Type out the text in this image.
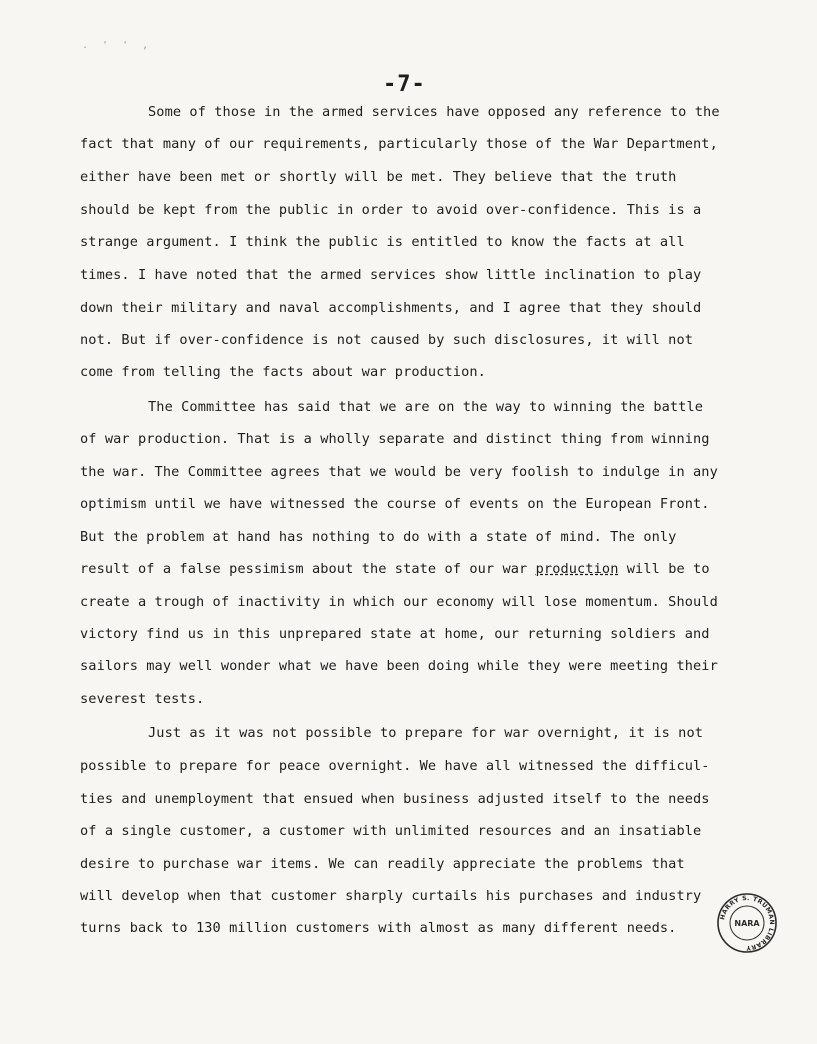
. ' ' ,
-7-
Some of those in the armed services have opposed any reference to the
fact that many of our requirements, particularly those of the War Department,
either have been met or shortly will be met. They believe that the truth
should be kept from the public in order to avoid over-confidence. This is a
strange argument. I think the public is entitled to know the facts at all
times. I have noted that the armed services show little inclination to play
down their military and naval accomplishments, and I agree that they should
not. But if over-confidence is not caused by such disclosures, it will not
come from telling the facts about war production.
The Committee has said that we are on the way to winning the battle
of war production. That is a wholly separate and distinct thing from winning
the war. The Committee agrees that we would be very foolish to indulge in any
optimism until we have witnessed the course of events on the European Front.
But the problem at hand has nothing to do with a state of mind. The only
result of a false pessimism about the state of our war production will be to
create a trough of inactivity in which our economy will lose momentum. Should
victory find us in this unprepared state at home, our returning soldiers and
sailors may well wonder what we have been doing while they were meeting their
severest tests.
Just as it was not possible to prepare for war overnight, it is not
possible to prepare for peace overnight. We have all witnessed the difficul-
ties and unemployment that ensued when business adjusted itself to the needs
of a single customer, a customer with unlimited resources and an insatiable
desire to purchase war items. We can readily appreciate the problems that
will develop when that customer sharply curtails his purchases and industry
turns back to 130 million customers with almost as many different needs.
HARRY S. TRUMAN LIBRARY
NARA
